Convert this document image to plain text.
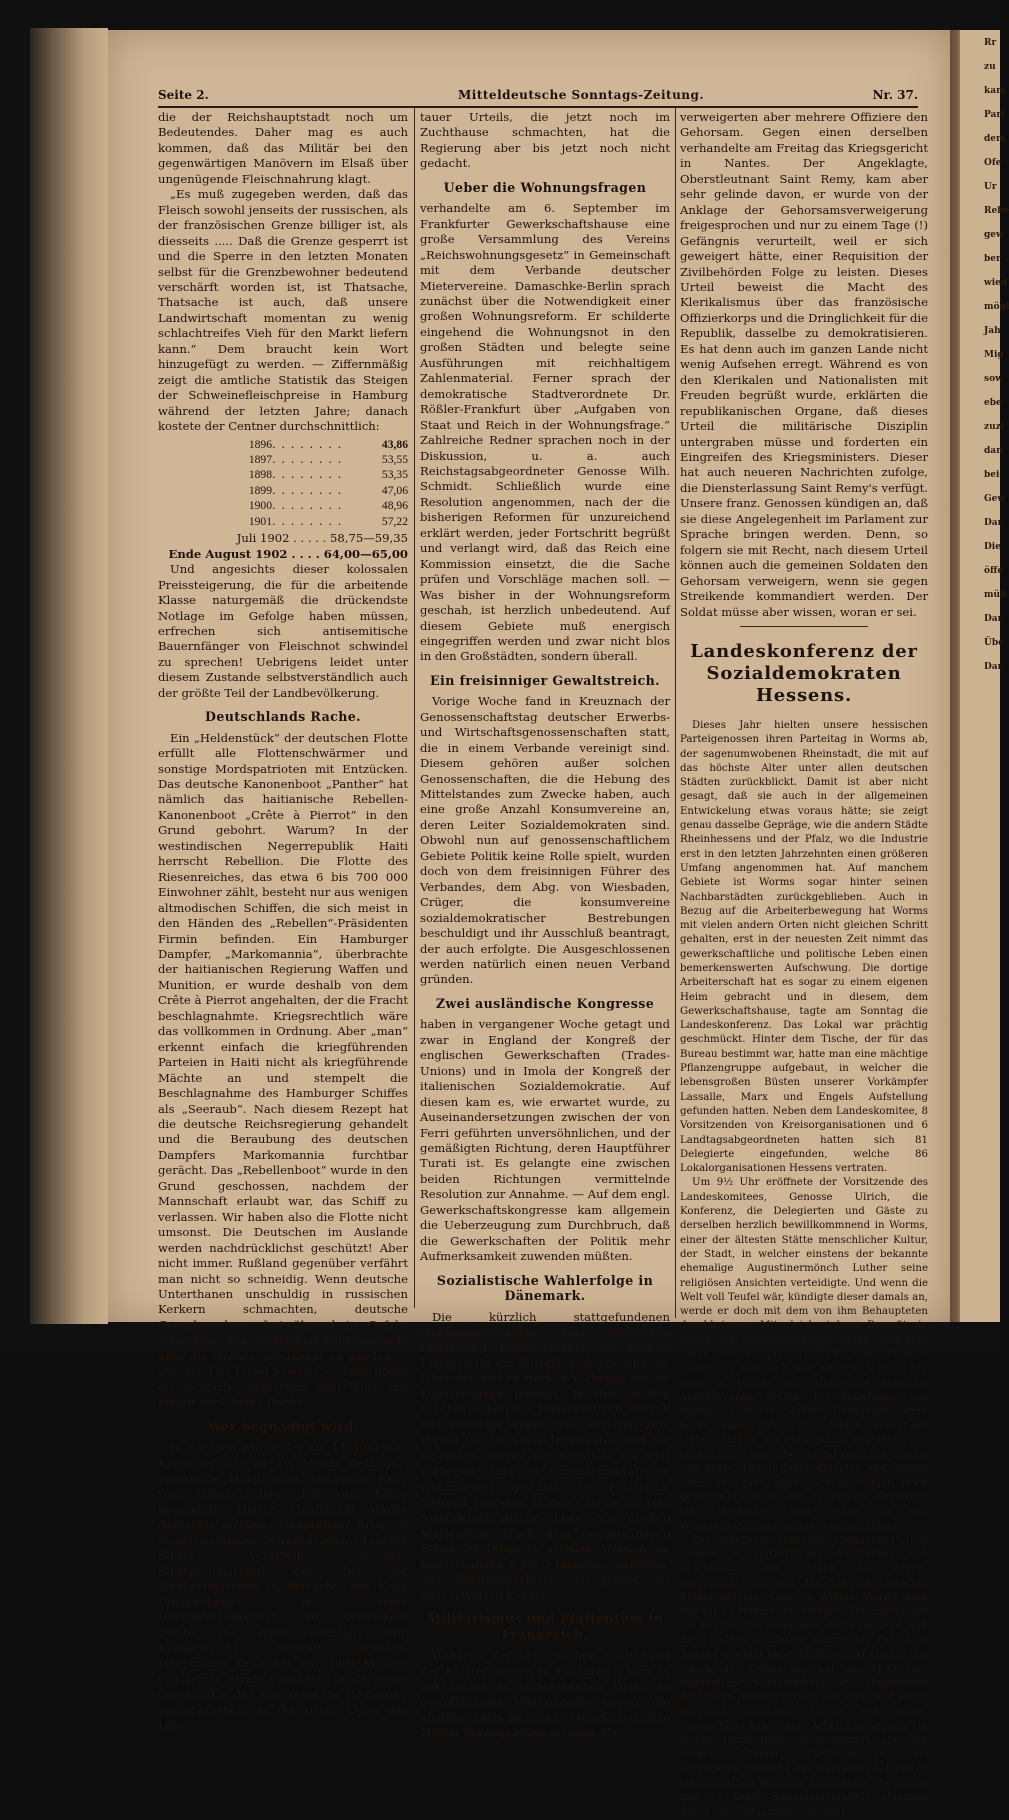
Rr
zu
kam
Pari
dem
Ofe
Ur
Rebe
gew
ber
wied
mögl
Jah
Mig
sow
ebe
zuzi
dan
bei
Gew
Dar
Die
öffe
müß
Dar
Übe
Dar
Seite 2.	Mitteldeutsche Sonntags-Zeitung.	Nr. 37.

die der Reichshauptstadt noch um Bedeutendes. Daher mag es auch kommen, daß das Militär bei den gegenwärtigen Manövern im Elsaß über ungenügende Fleischnahrung klagt.

„Es muß zugegeben werden, daß das Fleisch sowohl jenseits der russischen, als der französischen Grenze billiger ist, als diesseits ..... Daß die Grenze gesperrt ist und die Sperre in den letzten Monaten selbst für die Grenzbewohner bedeutend verschärft worden ist, ist Thatsache, Thatsache ist auch, daß unsere Landwirtschaft momentan zu wenig schlachtreifes Vieh für den Markt liefern kann.“ Dem braucht kein Wort hinzugefügt zu werden. — Ziffernmäßig zeigt die amtliche Statistik das Steigen der Schweinefleischpreise in Hamburg während der letzten Jahre; danach kostete der Centner durchschnittlich:

1896 . . . . . . . .	43,86
1897 . . . . . . . .	53,55
1898 . . . . . . . .	53,35
1899 . . . . . . . .	47,06
1900 . . . . . . . .	48,96
1901 . . . . . . . .	57,22
Juli 1902 . . . . . 58,75—59,35
Ende August 1902 . . . . 64,00—65,00

Und angesichts dieser kolossalen Preissteigerung, die für die arbeitende Klasse naturgemäß die drückendste Notlage im Gefolge haben müssen, erfrechen sich antisemitische Bauernfänger von Fleischnot schwindel zu sprechen! Uebrigens leidet unter diesem Zustande selbstverständlich auch der größte Teil der Landbevölkerung.

Deutschlands Rache.

Ein „Heldenstück“ der deutschen Flotte erfüllt alle Flottenschwärmer und sonstige Mordspatrioten mit Entzücken. Das deutsche Kanonenboot „Panther“ hat nämlich das haitianische Rebellen-Kanonenboot „Crête à Pierrot“ in den Grund gebohrt. Warum? In der westindischen Negerrepublik Haiti herrscht Rebellion. Die Flotte des Riesenreiches, das etwa 6 bis 700 000 Einwohner zählt, besteht nur aus wenigen altmodischen Schiffen, die sich meist in den Händen des „Rebellen“-Präsidenten Firmin befinden. Ein Hamburger Dampfer, „Markomannia“, überbrachte der haitianischen Regierung Waffen und Munition, er wurde deshalb von dem Crête à Pierrot angehalten, der die Fracht beschlagnahmte. Kriegsrechtlich wäre das vollkommen in Ordnung. Aber „man“ erkennt einfach die kriegführenden Parteien in Haiti nicht als kriegführende Mächte an und stempelt die Beschlagnahme des Hamburger Schiffes als „Seeraub“. Nach diesem Rezept hat die deutsche Reichsregierung gehandelt und die Beraubung des deutschen Dampfers Markomannia furchtbar gerächt. Das „Rebellenboot“ wurde in den Grund geschossen, nachdem der Mannschaft erlaubt war, das Schiff zu verlassen. Wir haben also die Flotte nicht umsonst. Die Deutschen im Auslande werden nachdrücklichst geschützt! Aber nicht immer. Rußland gegenüber verfährt man nicht so schneidig. Wenn deutsche Unterthanen unschuldig in russischen Kerkern schmachten, deutsche Grenzbewohner fortwährend in Gefahr schweben, von russischen Polizeispitzeln über die Grenze geschleppt zu werden — wie der Fall Kugel beweist — dann findet die deutsche Regierung kein Wort und nimmt auch keine Rache.

Wer begnadigt wird.

In Sachsen wurde der am 14. Juni vom Kriegsgerichte zu 4½ Monat Gefängnis verurteilte Hauptmann Ambrosius Krug vom Infanterie-Reg. 178 vom König begnadigt. Dieser Gnadenakt dürfte Aufsehen erregen. Hauptmann Krug ist wegen gemeiner Schwindeleien zu dieser Strafe verurteilt worden. Strafverschärfend kam bei der Strafausmessung in Betracht, daß Krug Untergebene in seine Unregelmäßigkeiten zu verwickeln wußte, die dann ebenfalls vom Kriegsgericht bestraft wurden. Hauptmann Krug hat nur zwei Monate von seiner Strafe verbüßt. Für derartige Gnadenakte des Königs ist die Regierung verantwortlich. An die armen Opfer des Löb-

tauer Urteils, die jetzt noch im Zuchthause schmachten, hat die Regierung aber bis jetzt noch nicht gedacht.

Ueber die Wohnungsfragen

verhandelte am 6. September im Frankfurter Gewerkschaftshause eine große Versammlung des Vereins „Reichswohnungsgesetz“ in Gemeinschaft mit dem Verbande deutscher Mietervereine. Damaschke-Berlin sprach zunächst über die Notwendigkeit einer großen Wohnungsreform. Er schilderte eingehend die Wohnungsnot in den großen Städten und belegte seine Ausführungen mit reichhaltigem Zahlenmaterial. Ferner sprach der demokratische Stadtverordnete Dr. Rößler-Frankfurt über „Aufgaben von Staat und Reich in der Wohnungsfrage.“ Zahlreiche Redner sprachen noch in der Diskussion, u. a. auch Reichstagsabgeordneter Genosse Wilh. Schmidt. Schließlich wurde eine Resolution angenommen, nach der die bisherigen Reformen für unzureichend erklärt werden, jeder Fortschritt begrüßt und verlangt wird, daß das Reich eine Kommission einsetzt, die die Sache prüfen und Vorschläge machen soll. — Was bisher in der Wohnungsreform geschah, ist herzlich unbedeutend. Auf diesem Gebiete muß energisch eingegriffen werden und zwar nicht blos in den Großstädten, sondern überall.

Ein freisinniger Gewaltstreich.

Vorige Woche fand in Kreuznach der Genossenschaftstag deutscher Erwerbs- und Wirtschaftsgenossenschaften statt, die in einem Verbande vereinigt sind. Diesem gehören außer solchen Genossenschaften, die die Hebung des Mittelstandes zum Zwecke haben, auch eine große Anzahl Konsumvereine an, deren Leiter Sozialdemokraten sind. Obwohl nun auf genossenschaftlichem Gebiete Politik keine Rolle spielt, wurden doch von dem freisinnigen Führer des Verbandes, dem Abg. von Wiesbaden, Crüger, die konsumvereine sozialdemokratischer Bestrebungen beschuldigt und ihr Ausschluß beantragt, der auch erfolgte. Die Ausgeschlossenen werden natürlich einen neuen Verband gründen.

Zwei ausländische Kongresse

haben in vergangener Woche getagt und zwar in England der Kongreß der englischen Gewerkschaften (Trades-Unions) und in Imola der Kongreß der italienischen Sozialdemokratie. Auf diesen kam es, wie erwartet wurde, zu Auseinandersetzungen zwischen der von Ferri geführten unversöhnlichen, und der gemäßigten Richtung, deren Hauptführer Turati ist. Es gelangte eine zwischen beiden Richtungen vermittelnde Resolution zur Annahme. — Auf dem engl. Gewerkschaftskongresse kam allgemein die Ueberzeugung zum Durchbruch, daß die Gewerkschaften der Politik mehr Aufmerksamkeit zuwenden müßten.

Sozialistische Wahlerfolge in Dänemark.

Die kürzlich stattgefundenen Wahlmännerwahlen zum dänischen Landsthing haben bisher zu großen Erfolgen für die Sozialdemokratie und die Liberalen und zu starken Verlusten für die Konservativen geführt. In den großen Städten haben die Konservativen überall bedeutend an Stimmenzahl verloren, zum Vorteil für die Sozialdemokraten und die Liberalen. Soweit die Resultate bis jetzt vorliegen, sind 39 sozialdemokratische Wahlmänner gewählt. In Fridericia, Näftved, Nakskov, Horsens siegte die rein sozialdemokratische Liste mit großen Majoritäten. Nach dem gegenwärtigen Stand der Dinge zu urteilen, werden die Konservativen 6 bis 7 Mandate einbüßen, ihre Stimmenverluste sind größer, als man erwarten konnte.

Militarismus und Pfaffentum in Frankreich.

Während der behördlichen Schließung der Klosterschulen in Frankreich kam es bekanntlich in verschiedenen Orten zu gewaltsamem Widerstande gegen die ausführenden Beamten. Mehrfach mußte Militär herangezogen werden. Es

verweigerten aber mehrere Offiziere den Gehorsam. Gegen einen derselben verhandelte am Freitag das Kriegsgericht in Nantes. Der Angeklagte, Oberstleutnant Saint Remy, kam aber sehr gelinde davon, er wurde von der Anklage der Gehorsamsverweigerung freigesprochen und nur zu einem Tage (!) Gefängnis verurteilt, weil er sich geweigert hätte, einer Requisition der Zivilbehörden Folge zu leisten. Dieses Urteil beweist die Macht des Klerikalismus über das französische Offizierkorps und die Dringlichkeit für die Republik, dasselbe zu demokratisieren. Es hat denn auch im ganzen Lande nicht wenig Aufsehen erregt. Während es von den Klerikalen und Nationalisten mit Freuden begrüßt wurde, erklärten die republikanischen Organe, daß dieses Urteil die militärische Disziplin untergraben müsse und forderten ein Eingreifen des Kriegsministers. Dieser hat auch neueren Nachrichten zufolge, die Diensterlassung Saint Remy's verfügt. Unsere franz. Genossen kündigen an, daß sie diese Angelegenheit im Parlament zur Sprache bringen werden. Denn, so folgern sie mit Recht, nach diesem Urteil können auch die gemeinen Soldaten den Gehorsam verweigern, wenn sie gegen Streikende kommandiert werden. Der Soldat müsse aber wissen, woran er sei.

Landeskonferenz der Sozialdemokraten Hessens.

Dieses Jahr hielten unsere hessischen Parteigenossen ihren Parteitag in Worms ab, der sagenumwobenen Rheinstadt, die mit auf das höchste Alter unter allen deutschen Städten zurückblickt. Damit ist aber nicht gesagt, daß sie auch in der allgemeinen Entwickelung etwas voraus hätte; sie zeigt genau dasselbe Gepräge, wie die andern Städte Rheinhessens und der Pfalz, wo die Industrie erst in den letzten Jahrzehnten einen größeren Umfang angenommen hat. Auf manchem Gebiete ist Worms sogar hinter seinen Nachbarstädten zurückgeblieben. Auch in Bezug auf die Arbeiterbewegung hat Worms mit vielen andern Orten nicht gleichen Schritt gehalten, erst in der neuesten Zeit nimmt das gewerkschaftliche und politische Leben einen bemerkenswerten Aufschwung. Die dortige Arbeiterschaft hat es sogar zu einem eigenen Heim gebracht und in diesem, dem Gewerkschaftshause, tagte am Sonntag die Landeskonferenz. Das Lokal war prächtig geschmückt. Hinter dem Tische, der für das Bureau bestimmt war, hatte man eine mächtige Pflanzengruppe aufgebaut, in welcher die lebensgroßen Büsten unserer Vorkämpfer Lassalle, Marx und Engels Aufstellung gefunden hatten. Neben dem Landeskomitee, 8 Vorsitzenden von Kreisorganisationen und 6 Landtagsabgeordneten hatten sich 81 Delegierte eingefunden, welche 86 Lokalorganisationen Hessens vertraten.

Um 9½ Uhr eröffnete der Vorsitzende des Landeskomitees, Genosse Ulrich, die Konferenz, die Delegierten und Gäste zu derselben herzlich bewillkommnend in Worms, einer der ältesten Stätte menschlicher Kultur, der Stadt, in welcher einstens der bekannte ehemalige Augustinermönch Luther seine religiösen Ansichten verteidigte. Und wenn die Welt voll Teufel wär, kündigte dieser damals an, werde er doch mit dem von ihm Behaupteten durchbringen. Mit gleich stolzem Bewußtsein könne die Sozialdemokratie sagen, daß ihre Ideen einer ganzen Welt von Feinden gegenüber siegreich sein werden. Schon 1872 habe in Worms der Allgemeine deutsche Arbeiterverein getagt. Ein Teilnehmer von damals, Genosse Wilhelm-Darmstadt, weilt heute noch unter uns. Welch gewaltiger Unterschied in der Entwicklung der deutschen politischen Arbeiterbewegung zwischen damals und heute! Die 30 Jahre Kämpfen und Ringen seien an Opfer, aber auch an Siegen reich gewesen. Er hoffe, daß die heutige Konferenz ein Markstein sein möge in der Weiterentwicklung unserer Organisation.

Der Arbeitergesangverein „Sängerlust“ trug sodann in vortrefflicher Ausführung den prächtigen Chor „Mann der Arbeit, aufgewacht“ vor, der den Sängern lebhaften Beifall brachte. Genosse Winkler-Worms hieß hierauf im Namen der hiesigen Parteigenossen die Konferenz willkommen, dafür dankend, daß die Landesorganisation Worms als Ort ihrer Tagung gewählt habe. Redner lenkt ebenso wie Ulrich die Erinnerung auf die 1872 hier abgehaltene Versammlung des Allgemeinen deutschen Arbeitervereins hin und zieht einen Vergleich zwischen damals und heute. Inzwischen habe die Arbeiterbewegung in Worms lange Jahre geschlummert, aber ein junger Stamm Parteigenossen sei herangewachsen und das Wort eines bekannten einflußreichen Wormser Einwohners „In Worms gibt es keine Sozialdemokratie!“ glänzend durch die Thatsachen widerlegt
